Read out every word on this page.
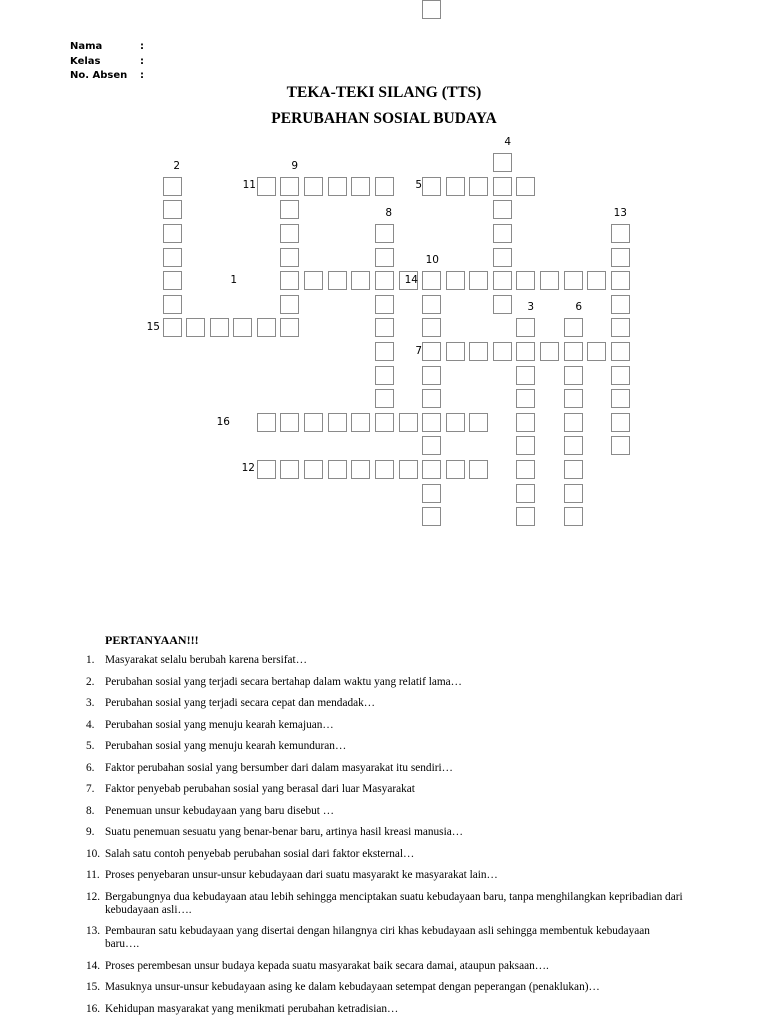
Nama	:
Kelas	:
No. Absen	:
TEKA-TEKI SILANG (TTS)
PERUBAHAN SOSIAL BUDAYA
1
2
3
4
5
6
7
8
9
10
11
12
13
14
15
16
PERTANYAAN!!!
1. Masyarakat selalu berubah karena bersifat…
2. Perubahan sosial yang terjadi secara bertahap dalam waktu yang relatif lama…
3. Perubahan sosial yang terjadi secara cepat dan mendadak…
4. Perubahan sosial yang menuju kearah kemajuan…
5. Perubahan sosial yang menuju kearah kemunduran…
6. Faktor perubahan sosial yang bersumber dari dalam masyarakat itu sendiri…
7. Faktor penyebab perubahan sosial yang berasal dari luar Masyarakat
8. Penemuan unsur kebudayaan yang baru disebut …
9. Suatu penemuan sesuatu yang benar-benar baru, artinya hasil kreasi manusia…
10. Salah satu contoh penyebab perubahan sosial dari faktor eksternal…
11. Proses penyebaran unsur-unsur kebudayaan dari suatu masyarakt ke masyarakat lain…
12. Bergabungnya dua kebudayaan atau lebih sehingga menciptakan suatu kebudayaan baru, tanpa menghilangkan kepribadian dari kebudayaan asli….
13. Pembauran satu kebudayaan yang disertai dengan hilangnya ciri khas kebudayaan asli sehingga membentuk kebudayaan baru….
14. Proses perembesan unsur budaya kepada suatu masyarakat baik secara damai, ataupun paksaan….
15. Masuknya unsur-unsur kebudayaan asing ke dalam kebudayaan setempat dengan peperangan (penaklukan)…
16. Kehidupan masyarakat yang menikmati perubahan ketradisian…
